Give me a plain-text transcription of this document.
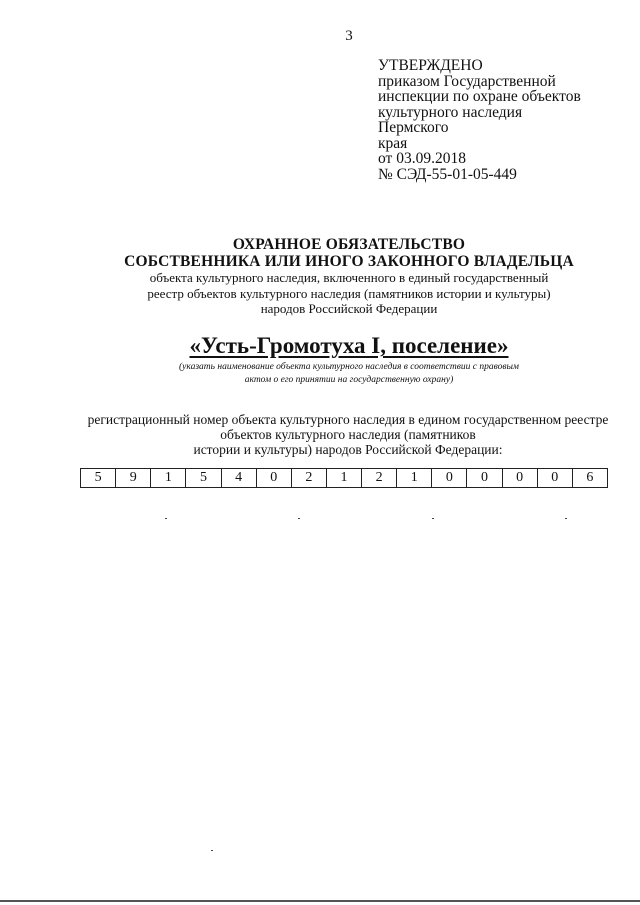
3
УТВЕРЖДЕНО
приказом Государственной
инспекции по охране объектов
культурного наследия
Пермского
края
от 03.09.2018
№ СЭД-55-01-05-449
ОХРАННОЕ ОБЯЗАТЕЛЬСТВО
СОБСТВЕННИКА ИЛИ ИНОГО ЗАКОННОГО ВЛАДЕЛЬЦА
объекта культурного наследия, включенного в единый государственный
реестр объектов культурного наследия (памятников истории и культуры)
народов Российской Федерации
«Усть-Громотуха I, поселение»
(указать наименование объекта культурного наследия в соответствии с правовым
актом о его принятии на государственную охрану)
регистрационный номер объекта культурного наследия в едином государственном реестре
объектов культурного наследия (памятников
истории и культуры) народов Российской Федерации:
5	9	1	5	4	0	2	1	2	1	0	0	0	0	6
